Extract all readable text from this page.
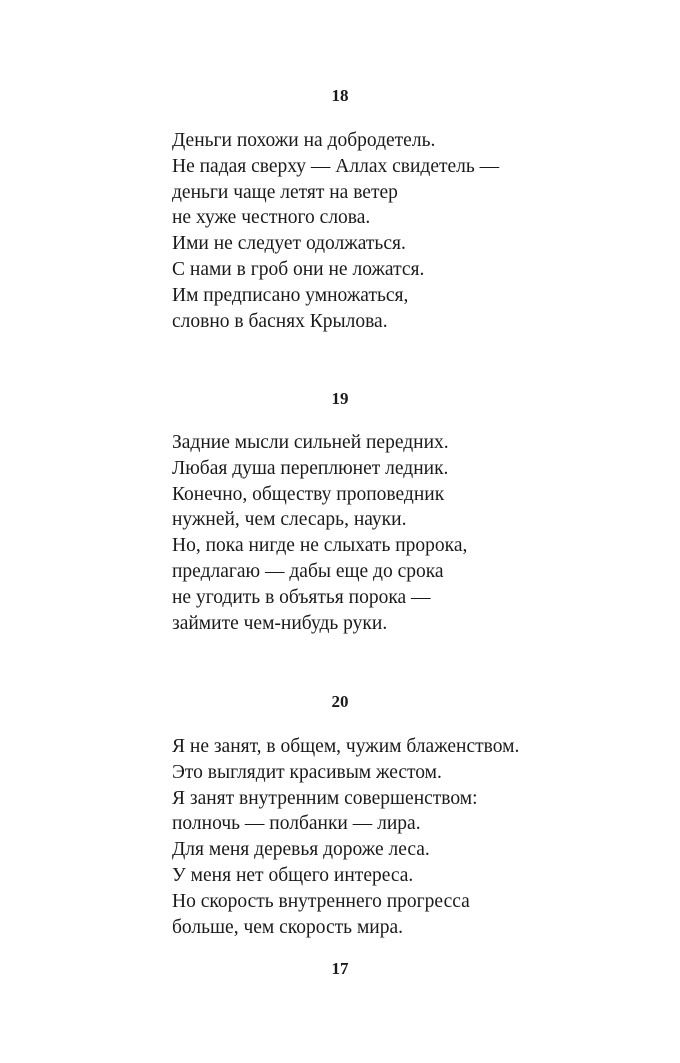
18
Деньги похожи на добродетель.
Не падая сверху — Аллах свидетель —
деньги чаще летят на ветер
не хуже честного слова.
Ими не следует одолжаться.
С нами в гроб они не ложатся.
Им предписано умножаться,
словно в баснях Крылова.
19
Задние мысли сильней передних.
Любая душа переплюнет ледник.
Конечно, обществу проповедник
нужней, чем слесарь, науки.
Но, пока нигде не слыхать пророка,
предлагаю — дабы еще до срока
не угодить в объятья порока —
займите чем-нибудь руки.
20
Я не занят, в общем, чужим блаженством.
Это выглядит красивым жестом.
Я занят внутренним совершенством:
полночь — полбанки — лира.
Для меня деревья дороже леса.
У меня нет общего интереса.
Но скорость внутреннего прогресса
больше, чем скорость мира.
17
